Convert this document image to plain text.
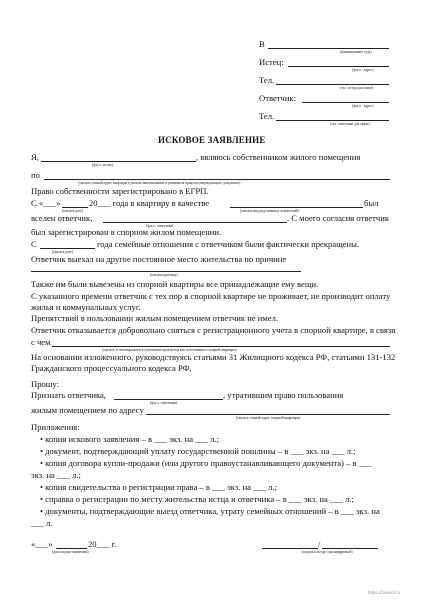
В
(наименование суда)
Истец:
(ф.и.о., адрес)
Тел.
(тел. истца для связи)
Ответчик:
(ф.и.о., адрес)
Тел.
(тел. ответчика для связи)
ИСКОВОЕ ЗАЯВЛЕНИЕ
Я,	, являюсь собственником жилого помещения
(ф.и.о. истца)
по
(указать точный адрес квартиры) (указать наименование и реквизиты правоподтверждающего документа)
Право собственности зарегистрировано в ЕГРП.
С «___»	20___ года в квартиру в качестве	был
(указать дату)	(указать вид родственных отношений)
вселен ответчик,	. С моего согласия ответчик
(ф.и.о. ответчика)
был зарегистрирован в спорном жилом помещении.
С	года семейные отношения с ответчиком были фактически прекращены.
(указать дату)
Ответчик выехал на другое постоянное место жительства по причине
(указать причину)
Также им были вывезены из спорной квартиры все принадлежащие ему вещи.
С указанного времени ответчик с тех пор в спорной квартире не проживает, не производит оплату
жилья и коммунальных услуг.
Препятствий в пользовании жилым помещением ответчик не имел.
Ответчик отказывается добровольно сняться с регистрационного учета в спорной квартире, в связи
с чем
(указать, в чем выражается ущемление прав истца как собственника спорной квартиры)
На основании изложенного, руководствуясь статьями 31 Жилищного кодекса РФ, статьями 131-132
Гражданского процессуального кодекса РФ,
Прошу:
Признать ответчика,	, утратившим право пользования
(ф.и.о. ответчика)
жилым помещением по адресу
(указать точный адрес спорной квартиры)
Приложения:
• копия искового заявления – в ___ экз. на ___ л.;
• документ, подтверждающий уплату государственной пошлины – в ___ экз. на ___ л.;
• копия договора купли-продажи (или другого правоустанавливающего документа) – в ___
экз. на ___ л.;
• копия свидетельства о регистрации права – в ___ экз. на ___ л.;
• справка о регистрации по месту жительства истца и ответчика – в ___ экз. на ___ л.;
• документы, подтверждающие выезд ответчика, утрату семейных отношений – в ___ экз. на
___ л.
«___»	20___ г.
(дата подачи заявления)
/
(подпись истца с расшифровкой)
https://bankof.ru
